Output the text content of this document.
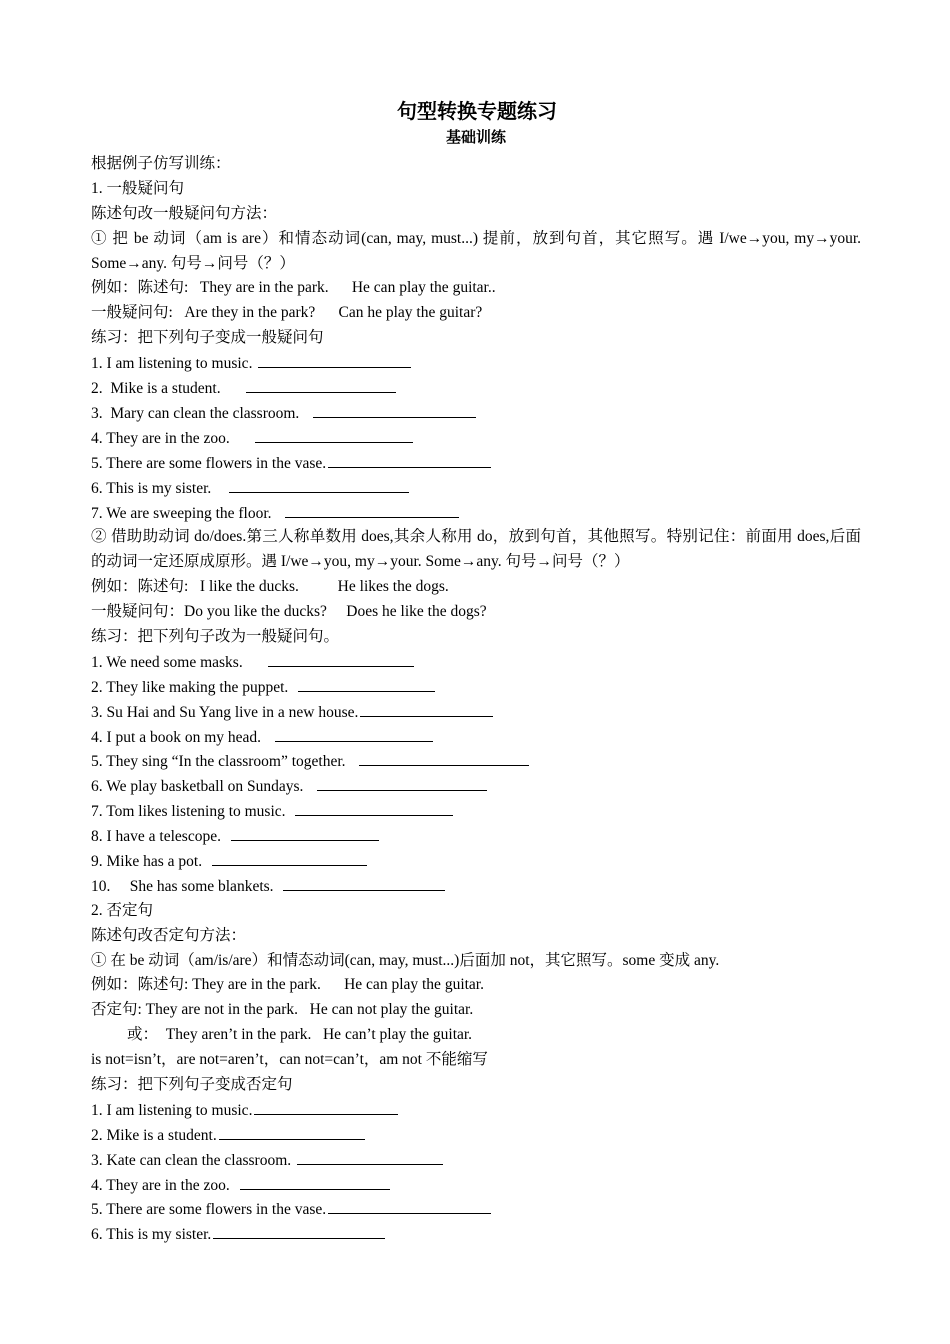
句型转换专题练习
基础训练
根据例子仿写训练：
1. 一般疑问句
陈述句改一般疑问句方法：
① 把 be 动词（am is are）和情态动词(can, may, must...) 提前，放到句首，其它照写。遇 I/we→you, my→your. Some→any. 句号→问号（？）
例如：陈述句:   They are in the park.      He can play the guitar..
一般疑问句:   Are they in the park?      Can he play the guitar?
练习：把下列句子变成一般疑问句
1. I am listening to music.
2.  Mike is a student.
3.  Mary can clean the classroom.
4. They are in the zoo.
5. There are some flowers in the vase.
6. This is my sister.
7. We are sweeping the floor.
② 借助助动词 do/does.第三人称单数用 does,其余人称用 do，放到句首，其他照写。特别记住：前面用 does,后面的动词一定还原成原形。遇 I/we→you, my→your. Some→any. 句号→问号（？）
例如：陈述句:   I like the ducks.          He likes the dogs.
一般疑问句：Do you like the ducks?     Does he like the dogs?
练习：把下列句子改为一般疑问句。
1. We need some masks.
2. They like making the puppet.
3. Su Hai and Su Yang live in a new house.
4. I put a book on my head.
5. They sing “In the classroom” together.
6. We play basketball on Sundays.
7. Tom likes listening to music.
8. I have a telescope.
9. Mike has a pot.
10.     She has some blankets.
2. 否定句
陈述句改否定句方法：
① 在 be 动词（am/is/are）和情态动词(can, may, must...)后面加 not，其它照写。some 变成 any.
例如：陈述句: They are in the park.      He can play the guitar.
否定句: They are not in the park.   He can not play the guitar.
或：  They aren’t in the park.   He can’t play the guitar.
is not=isn’t，are not=aren’t，can not=can’t，am not 不能缩写
练习：把下列句子变成否定句
1. I am listening to music.
2. Mike is a student.
3. Kate can clean the classroom.
4. They are in the zoo.
5. There are some flowers in the vase.
6. This is my sister.
